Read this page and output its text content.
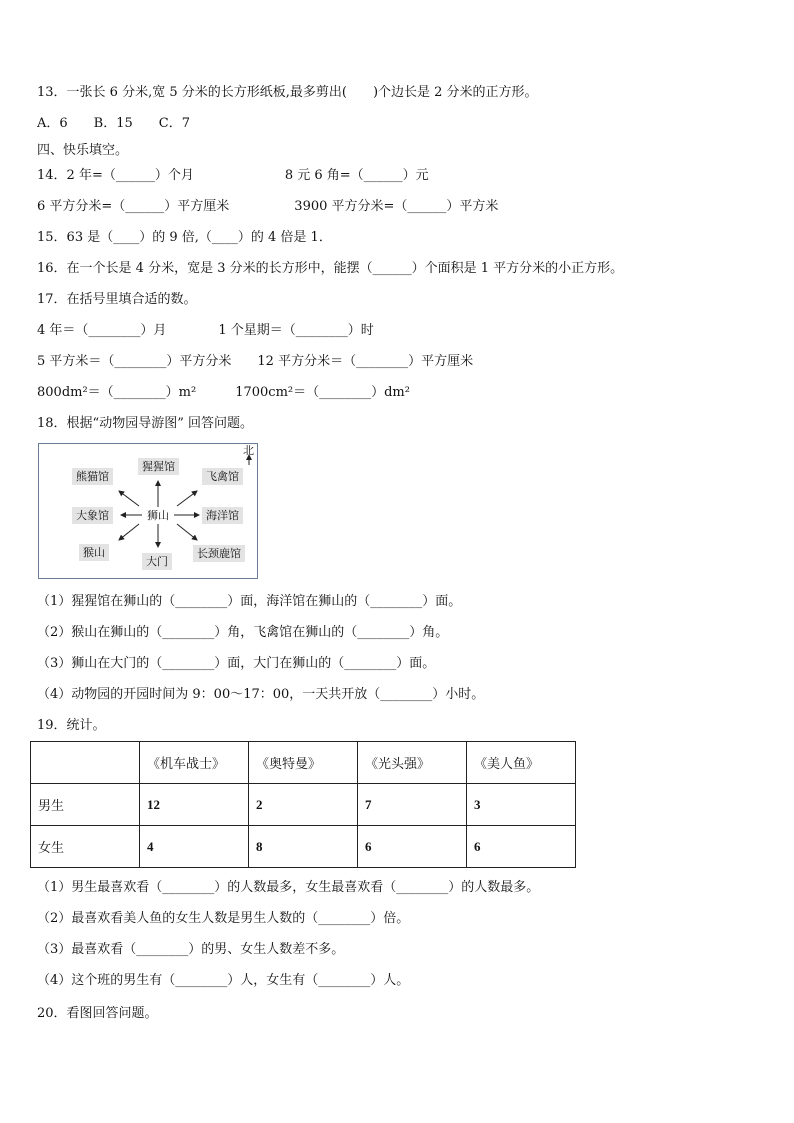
13．一张长 6 分米,宽 5 分米的长方形纸板,最多剪出(　　)个边长是 2 分米的正方形。
A．6　　B．15　　C．7
四、快乐填空。
14．2 年=（______）个月　　　　　　　8 元 6 角=（______）元
6 平方分米=（______）平方厘米　　　　　3900 平方分米=（______）平方米
15．63 是（____）的 9 倍,（____）的 4 倍是 1．
16．在一个长是 4 分米，宽是 3 分米的长方形中，能摆（______）个面积是 1 平方分米的小正方形。
17．在括号里填合适的数。
4 年＝（________）月　　　　1 个星期＝（________）时
5 平方米＝（________）平方分米　　12 平方分米＝（________）平方厘米
800dm²＝（________）m²　　　1700cm²＝（________）dm²
18．根据“动物园导游图” 回答问题。
（1）猩猩馆在狮山的（________）面，海洋馆在狮山的（________）面。
（2）猴山在狮山的（________）角，飞禽馆在狮山的（________）角。
（3）狮山在大门的（________）面，大门在狮山的（________）面。
（4）动物园的开园时间为 9：00～17：00，一天共开放（________）小时。
19．统计。
（1）男生最喜欢看（________）的人数最多，女生最喜欢看（________）的人数最多。
（2）最喜欢看美人鱼的女生人数是男生人数的（________）倍。
（3）最喜欢看（________）的男、女生人数差不多。
（4）这个班的男生有（________）人，女生有（________）人。
20．看图回答问题。
北
狮山
熊猫馆
猩猩馆
飞禽馆
大象馆	海洋馆
猴山
大门
长颈鹿馆
	《机车战士》	《奥特曼》	《光头强》	《美人鱼》
男生	12	2	7	3
女生	4	8	6	6
